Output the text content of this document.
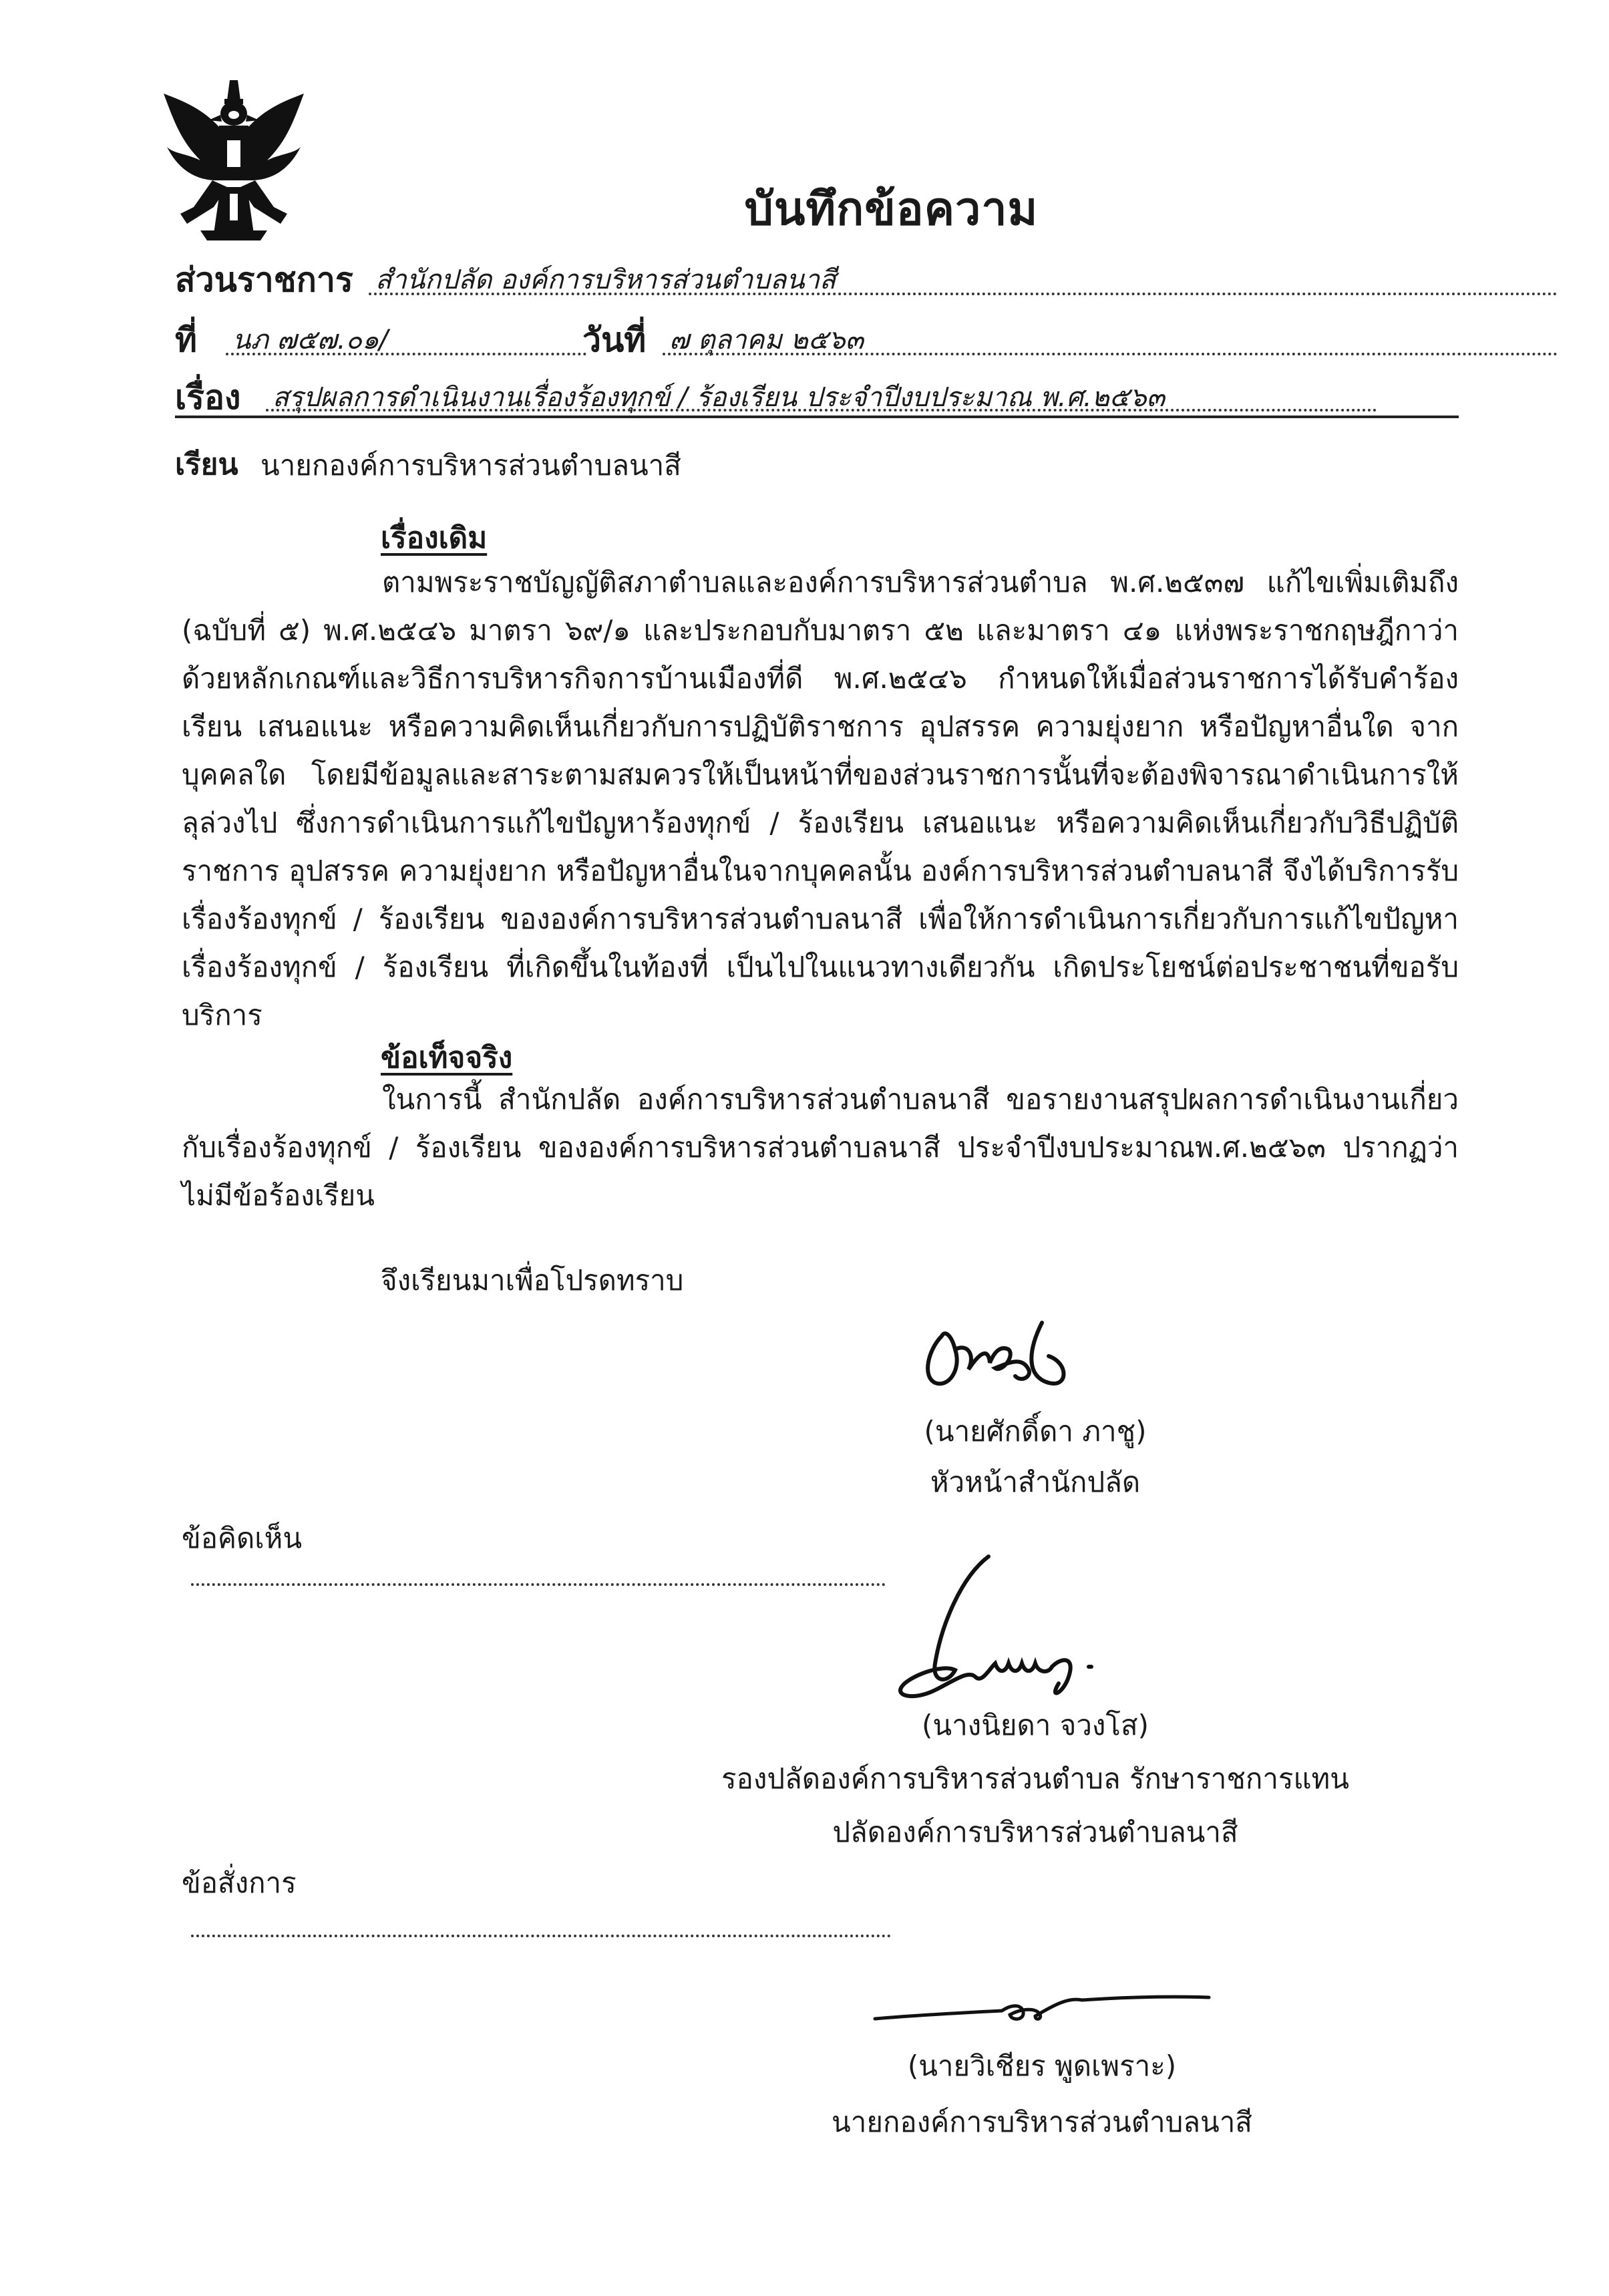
บันทึกข้อความ
ส่วนราชการ สำนักปลัด องค์การบริหารส่วนตำบลนาสี
ที่ นภ ๗๕๗.๐๑/	วันที่ ๗ ตุลาคม ๒๕๖๓
เรื่อง สรุปผลการดำเนินงานเรื่องร้องทุกข์ / ร้องเรียน ประจำปีงบประมาณ พ.ศ.๒๕๖๓
เรียน นายกองค์การบริหารส่วนตำบลนาสี
เรื่องเดิม
ตามพระราชบัญญัติสภาตำบลและองค์การบริหารส่วนตำบล พ.ศ.๒๕๓๗ แก้ไขเพิ่มเติมถึง (ฉบับที่ ๕) พ.ศ.๒๕๔๖ มาตรา ๖๙/๑ และประกอบกับมาตรา ๕๒ และมาตรา ๔๑ แห่งพระราชกฤษฎีกาว่าด้วยหลักเกณฑ์และวิธีการบริหารกิจการบ้านเมืองที่ดี พ.ศ.๒๕๔๖ กำหนดให้เมื่อส่วนราชการได้รับคำร้องเรียน เสนอแนะ หรือความคิดเห็นเกี่ยวกับการปฏิบัติราชการ อุปสรรค ความยุ่งยาก หรือปัญหาอื่นใด จากบุคคลใด โดยมีข้อมูลและสาระตามสมควรให้เป็นหน้าที่ของส่วนราชการนั้นที่จะต้องพิจารณาดำเนินการให้ลุล่วงไป ซึ่งการดำเนินการแก้ไขปัญหาร้องทุกข์ / ร้องเรียน เสนอแนะ หรือความคิดเห็นเกี่ยวกับวิธีปฏิบัติราชการ อุปสรรค ความยุ่งยาก หรือปัญหาอื่นในจากบุคคลนั้น องค์การบริหารส่วนตำบลนาสี จึงได้บริการรับเรื่องร้องทุกข์ / ร้องเรียน ขององค์การบริหารส่วนตำบลนาสี เพื่อให้การดำเนินการเกี่ยวกับการแก้ไขปัญหาเรื่องร้องทุกข์ / ร้องเรียน ที่เกิดขึ้นในท้องที่ เป็นไปในแนวทางเดียวกัน เกิดประโยชน์ต่อประชาชนที่ขอรับบริการ
ข้อเท็จจริง
ในการนี้ สำนักปลัด องค์การบริหารส่วนตำบลนาสี ขอรายงานสรุปผลการดำเนินงานเกี่ยวกับเรื่องร้องทุกข์ / ร้องเรียน ขององค์การบริหารส่วนตำบลนาสี ประจำปีงบประมาณพ.ศ.๒๕๖๓ ปรากฏว่าไม่มีข้อร้องเรียน
จึงเรียนมาเพื่อโปรดทราบ
(นายศักดิ์ดา ภาชู)
หัวหน้าสำนักปลัด
ข้อคิดเห็น
(นางนิยดา จวงโส)
รองปลัดองค์การบริหารส่วนตำบล รักษาราชการแทน
ปลัดองค์การบริหารส่วนตำบลนาสี
ข้อสั่งการ
(นายวิเชียร พูดเพราะ)
นายกองค์การบริหารส่วนตำบลนาสี
